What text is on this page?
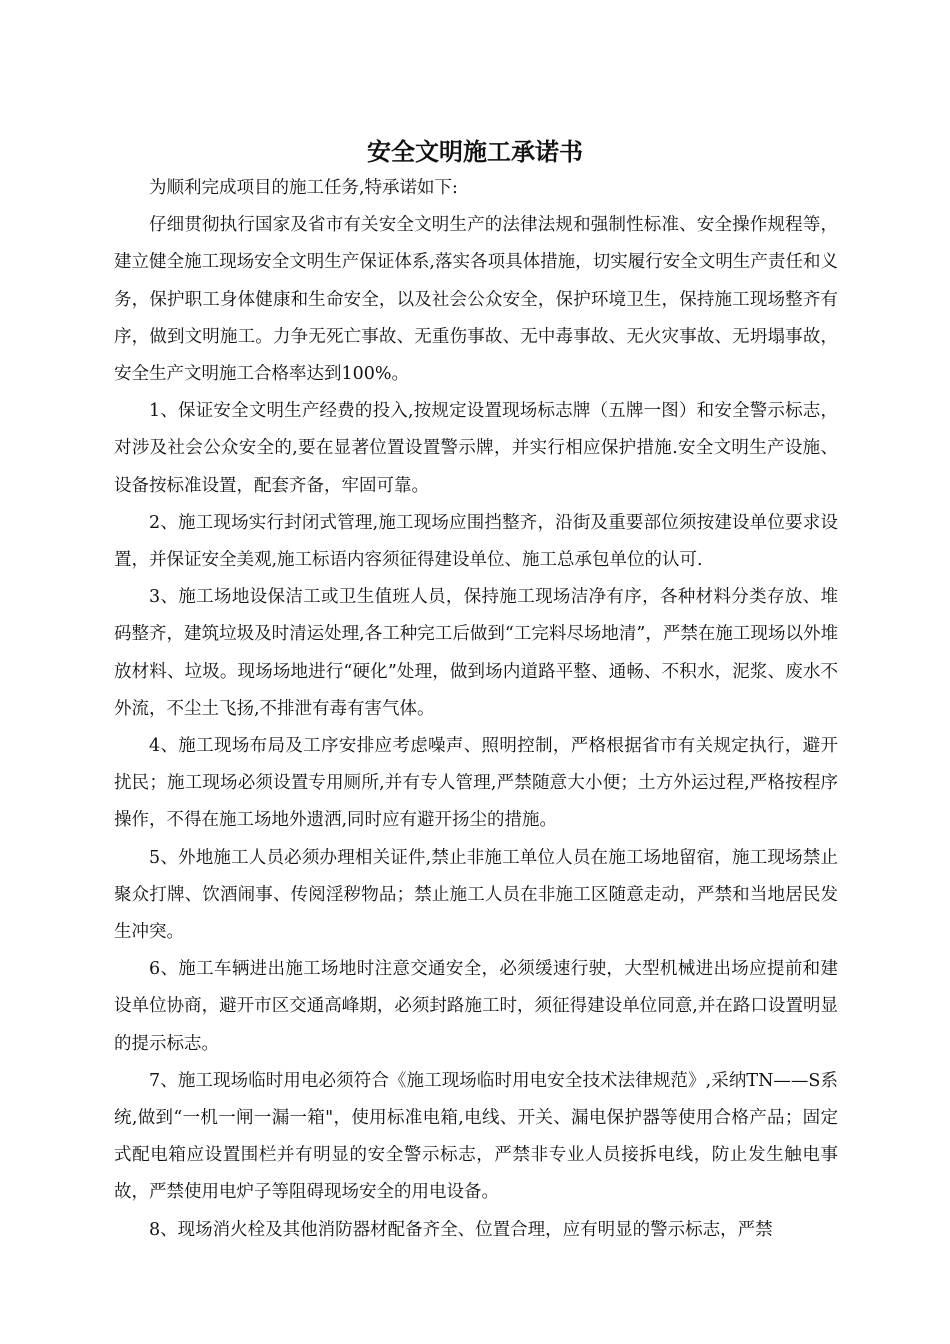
安全文明施工承诺书

为顺利完成项目的施工任务,特承诺如下:

仔细贯彻执行国家及省市有关安全文明生产的法律法规和强制性标准、安全操作规程等，建立健全施工现场安全文明生产保证体系,落实各项具体措施，切实履行安全文明生产责任和义务，保护职工身体健康和生命安全，以及社会公众安全，保护环境卫生，保持施工现场整齐有序，做到文明施工。力争无死亡事故、无重伤事故、无中毒事故、无火灾事故、无坍塌事故，安全生产文明施工合格率达到100%。

1、保证安全文明生产经费的投入,按规定设置现场标志牌（五牌一图）和安全警示标志，对涉及社会公众安全的,要在显著位置设置警示牌，并实行相应保护措施.安全文明生产设施、设备按标准设置，配套齐备，牢固可靠。

2、施工现场实行封闭式管理,施工现场应围挡整齐，沿街及重要部位须按建设单位要求设置，并保证安全美观,施工标语内容须征得建设单位、施工总承包单位的认可.

3、施工场地设保洁工或卫生值班人员，保持施工现场洁净有序，各种材料分类存放、堆码整齐，建筑垃圾及时清运处理,各工种完工后做到“工完料尽场地清”，严禁在施工现场以外堆放材料、垃圾。现场场地进行“硬化”处理，做到场内道路平整、通畅、不积水，泥浆、废水不外流，不尘土飞扬,不排泄有毒有害气体。

4、施工现场布局及工序安排应考虑噪声、照明控制，严格根据省市有关规定执行，避开扰民；施工现场必须设置专用厕所,并有专人管理,严禁随意大小便；土方外运过程,严格按程序操作，不得在施工场地外遗洒,同时应有避开扬尘的措施。

5、外地施工人员必须办理相关证件,禁止非施工单位人员在施工场地留宿，施工现场禁止聚众打牌、饮酒闹事、传阅淫秽物品；禁止施工人员在非施工区随意走动，严禁和当地居民发生冲突。

6、施工车辆进出施工场地时注意交通安全，必须缓速行驶，大型机械进出场应提前和建设单位协商，避开市区交通高峰期，必须封路施工时，须征得建设单位同意,并在路口设置明显的提示标志。

7、施工现场临时用电必须符合《施工现场临时用电安全技术法律规范》,采纳TN——S系统,做到“一机一闸一漏一箱"，使用标准电箱,电线、开关、漏电保护器等使用合格产品；固定式配电箱应设置围栏并有明显的安全警示标志，严禁非专业人员接拆电线，防止发生触电事故，严禁使用电炉子等阻碍现场安全的用电设备。

8、现场消火栓及其他消防器材配备齐全、位置合理，应有明显的警示标志，严禁
